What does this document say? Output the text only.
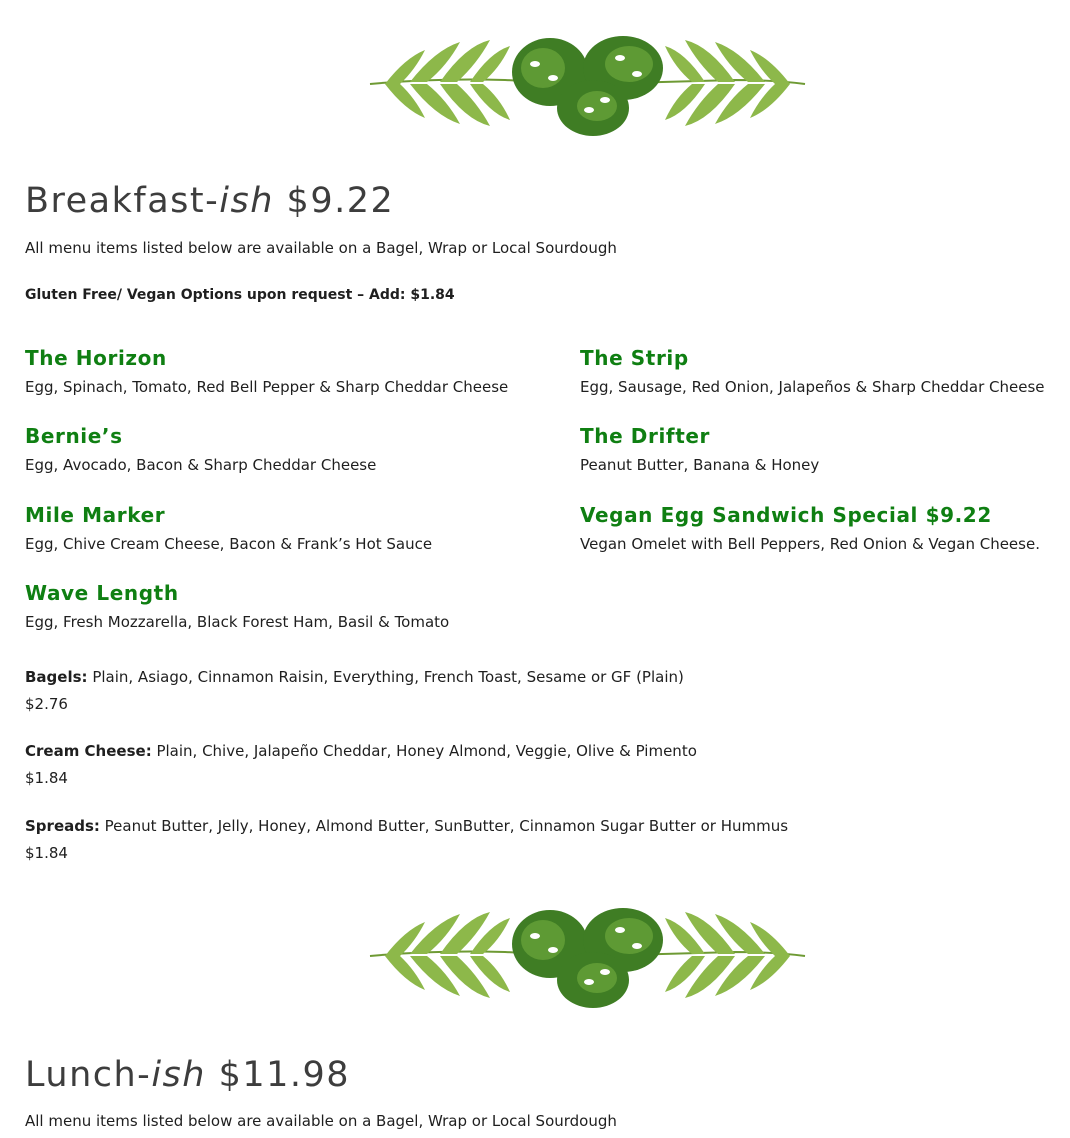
Breakfast-ish $9.22

All menu items listed below are available on a Bagel, Wrap or Local Sourdough

Gluten Free/ Vegan Options upon request – Add: $1.84

The Horizon

Egg, Spinach, Tomato, Red Bell Pepper & Sharp Cheddar Cheese

The Strip

Egg, Sausage, Red Onion, Jalapeños & Sharp Cheddar Cheese

Bernie’s

Egg, Avocado, Bacon & Sharp Cheddar Cheese

The Drifter

Peanut Butter, Banana & Honey

Mile Marker

Egg, Chive Cream Cheese, Bacon & Frank’s Hot Sauce

Vegan Egg Sandwich Special $9.22

Vegan Omelet with Bell Peppers, Red Onion & Vegan Cheese.

Wave Length

Egg, Fresh Mozzarella, Black Forest Ham, Basil & Tomato

Bagels: Plain, Asiago, Cinnamon Raisin, Everything, French Toast, Sesame or GF (Plain)
$2.76
Cream Cheese: Plain, Chive, Jalapeño Cheddar, Honey Almond, Veggie, Olive & Pimento
$1.84
Spreads: Peanut Butter, Jelly, Honey, Almond Butter, SunButter, Cinnamon Sugar Butter or Hummus
$1.84
Lunch-ish $11.98

All menu items listed below are available on a Bagel, Wrap or Local Sourdough
